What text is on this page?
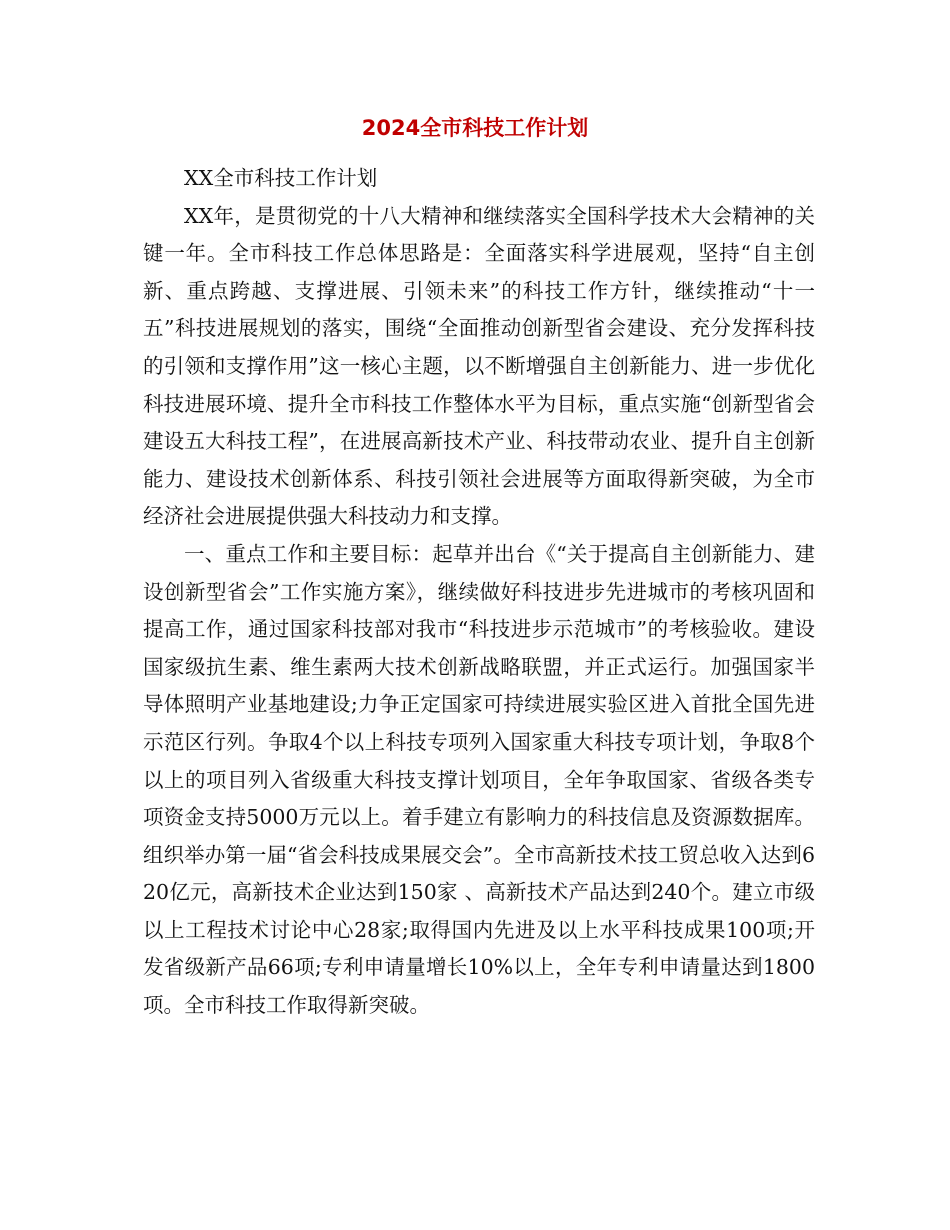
2024全市科技工作计划

XX全市科技工作计划

XX年，是贯彻党的十八大精神和继续落实全国科学技术大会精神的关键一年。全市科技工作总体思路是：全面落实科学进展观，坚持“自主创新、重点跨越、支撑进展、引领未来”的科技工作方针，继续推动“十一五”科技进展规划的落实，围绕“全面推动创新型省会建设、充分发挥科技的引领和支撑作用”这一核心主题，以不断增强自主创新能力、进一步优化科技进展环境、提升全市科技工作整体水平为目标，重点实施“创新型省会建设五大科技工程”，在进展高新技术产业、科技带动农业、提升自主创新能力、建设技术创新体系、科技引领社会进展等方面取得新突破，为全市经济社会进展提供强大科技动力和支撑。

一、重点工作和主要目标：起草并出台《“关于提高自主创新能力、建设创新型省会”工作实施方案》，继续做好科技进步先进城市的考核巩固和提高工作，通过国家科技部对我市“科技进步示范城市”的考核验收。建设国家级抗生素、维生素两大技术创新战略联盟，并正式运行。加强国家半导体照明产业基地建设;力争正定国家可持续进展实验区进入首批全国先进示范区行列。争取4个以上科技专项列入国家重大科技专项计划，争取8个以上的项目列入省级重大科技支撑计划项目，全年争取国家、省级各类专项资金支持5000万元以上。着手建立有影响力的科技信息及资源数据库。组织举办第一届“省会科技成果展交会”。全市高新技术技工贸总收入达到620亿元，高新技术企业达到150家 、高新技术产品达到240个。建立市级以上工程技术讨论中心28家;取得国内先进及以上水平科技成果100项;开发省级新产品66项;专利申请量增长10%以上，全年专利申请量达到1800项。全市科技工作取得新突破。
